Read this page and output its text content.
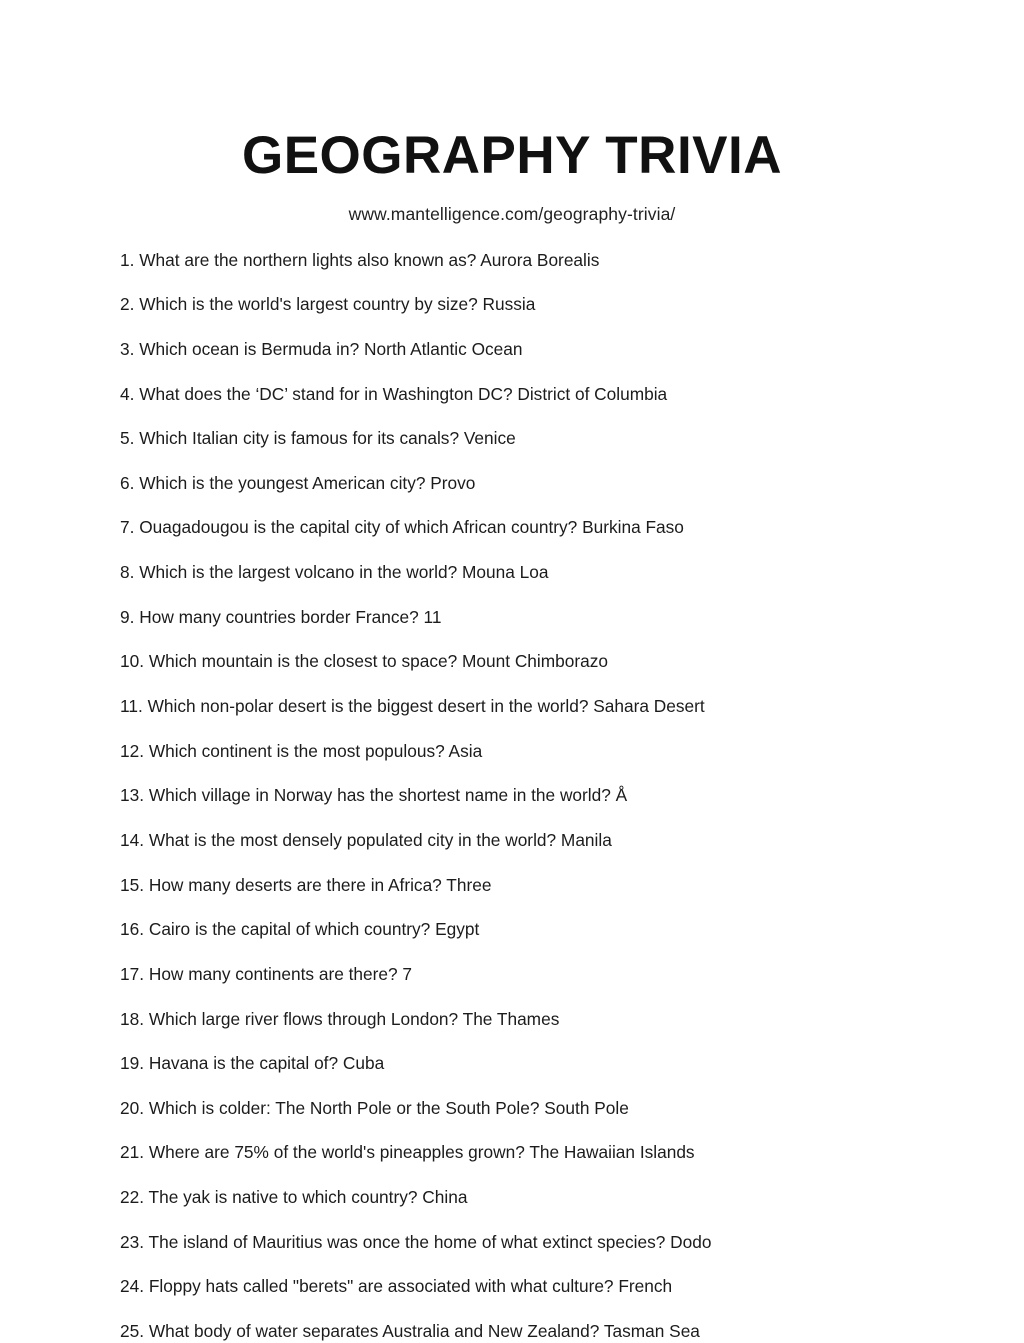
GEOGRAPHY TRIVIA
www.mantelligence.com/geography-trivia/
1. What are the northern lights also known as? Aurora Borealis
2. Which is the world's largest country by size? Russia
3. Which ocean is Bermuda in? North Atlantic Ocean
4. What does the ‘DC’ stand for in Washington DC? District of Columbia
5. Which Italian city is famous for its canals? Venice
6. Which is the youngest American city? Provo
7. Ouagadougou is the capital city of which African country? Burkina Faso
8. Which is the largest volcano in the world? Mouna Loa
9. How many countries border France? 11
10. Which mountain is the closest to space? Mount Chimborazo
11. Which non-polar desert is the biggest desert in the world? Sahara Desert
12. Which continent is the most populous? Asia
13. Which village in Norway has the shortest name in the world? Å
14. What is the most densely populated city in the world? Manila
15. How many deserts are there in Africa? Three
16. Cairo is the capital of which country? Egypt
17. How many continents are there? 7
18. Which large river flows through London? The Thames
19. Havana is the capital of? Cuba
20. Which is colder: The North Pole or the South Pole? South Pole
21. Where are 75% of the world's pineapples grown? The Hawaiian Islands
22. The yak is native to which country? China
23. The island of Mauritius was once the home of what extinct species? Dodo
24. Floppy hats called "berets" are associated with what culture? French
25. What body of water separates Australia and New Zealand? Tasman Sea
